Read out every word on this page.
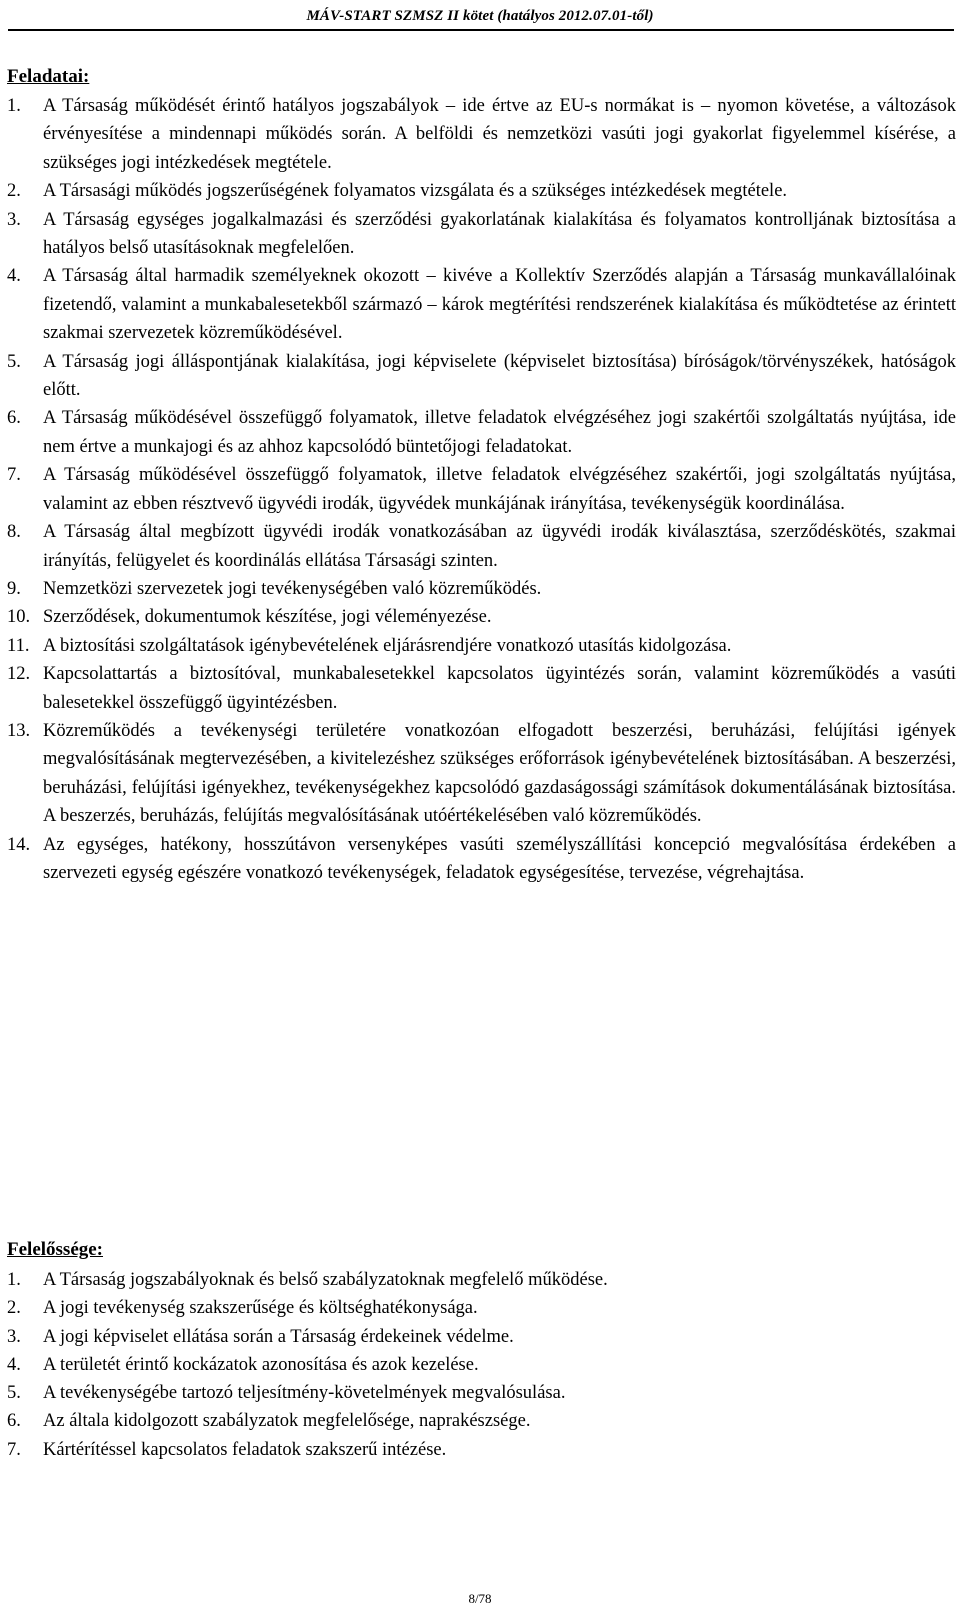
MÁV-START SZMSZ II kötet (hatályos 2012.07.01-től)
Feladatai:
1. A Társaság működését érintő hatályos jogszabályok – ide értve az EU-s normákat is – nyomon követése, a változások érvényesítése a mindennapi működés során. A belföldi és nemzetközi vasúti jogi gyakorlat figyelemmel kísérése, a szükséges jogi intézkedések megtétele.
2. A Társasági működés jogszerűségének folyamatos vizsgálata és a szükséges intézkedések megtétele.
3. A Társaság egységes jogalkalmazási és szerződési gyakorlatának kialakítása és folyamatos kontrolljának biztosítása a hatályos belső utasításoknak megfelelően.
4. A Társaság által harmadik személyeknek okozott – kivéve a Kollektív Szerződés alapján a Társaság munkavállalóinak fizetendő, valamint a munkabalesetekből származó – károk megtérítési rendszerének kialakítása és működtetése az érintett szakmai szervezetek közreműködésével.
5. A Társaság jogi álláspontjának kialakítása, jogi képviselete (képviselet biztosítása) bíróságok/törvényszékek, hatóságok előtt.
6. A Társaság működésével összefüggő folyamatok, illetve feladatok elvégzéséhez jogi szakértői szolgáltatás nyújtása, ide nem értve a munkajogi és az ahhoz kapcsolódó büntetőjogi feladatokat.
7. A Társaság működésével összefüggő folyamatok, illetve feladatok elvégzéséhez szakértői, jogi szolgáltatás nyújtása, valamint az ebben résztvevő ügyvédi irodák, ügyvédek munkájának irányítása, tevékenységük koordinálása.
8. A Társaság által megbízott ügyvédi irodák vonatkozásában az ügyvédi irodák kiválasztása, szerződéskötés, szakmai irányítás, felügyelet és koordinálás ellátása Társasági szinten.
9. Nemzetközi szervezetek jogi tevékenységében való közreműködés.
10. Szerződések, dokumentumok készítése, jogi véleményezése.
11. A biztosítási szolgáltatások igénybevételének eljárásrendjére vonatkozó utasítás kidolgozása.
12. Kapcsolattartás a biztosítóval, munkabalesetekkel kapcsolatos ügyintézés során, valamint közreműködés a vasúti balesetekkel összefüggő ügyintézésben.
13. Közreműködés a tevékenységi területére vonatkozóan elfogadott beszerzési, beruházási, felújítási igények megvalósításának megtervezésében, a kivitelezéshez szükséges erőforrások igénybevételének biztosításában. A beszerzési, beruházási, felújítási igényekhez, tevékenységekhez kapcsolódó gazdaságossági számítások dokumentálásának biztosítása. A beszerzés, beruházás, felújítás megvalósításának utóértékelésében való közreműködés.
14. Az egységes, hatékony, hosszútávon versenyképes vasúti személyszállítási koncepció megvalósítása érdekében a szervezeti egység egészére vonatkozó tevékenységek, feladatok egységesítése, tervezése, végrehajtása.
Felelőssége:
1. A Társaság jogszabályoknak és belső szabályzatoknak megfelelő működése.
2. A jogi tevékenység szakszerűsége és költséghatékonysága.
3. A jogi képviselet ellátása során a Társaság érdekeinek védelme.
4. A területét érintő kockázatok azonosítása és azok kezelése.
5. A tevékenységébe tartozó teljesítmény-követelmények megvalósulása.
6. Az általa kidolgozott szabályzatok megfelelősége, naprakészsége.
7. Kártérítéssel kapcsolatos feladatok szakszerű intézése.
8/78
